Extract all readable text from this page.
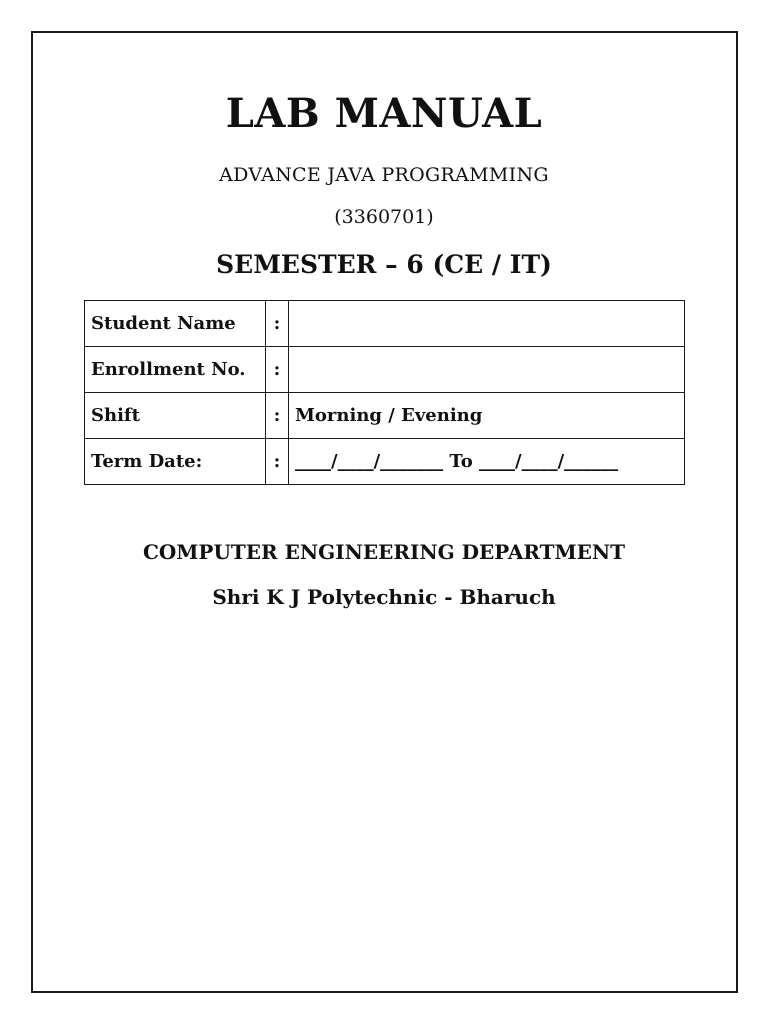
LAB MANUAL

ADVANCE JAVA PROGRAMMING

(3360701)

SEMESTER – 6 (CE / IT)
Student Name	:	
Enrollment No.	:	
Shift	:	Morning / Evening
Term Date:	:	____/____/_______ To ____/____/______

COMPUTER ENGINEERING DEPARTMENT

Shri K J Polytechnic - Bharuch
